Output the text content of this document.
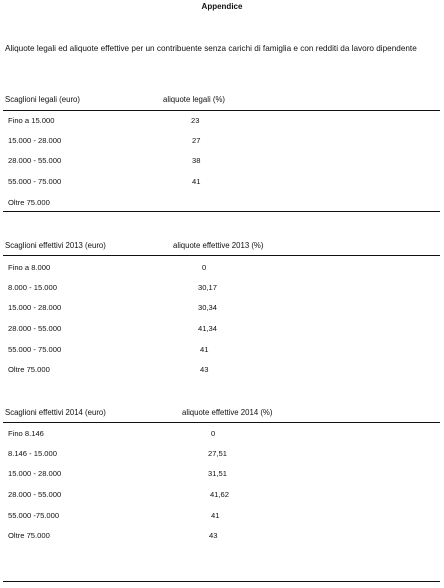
Appendice
Aliquote legali ed aliquote effettive per un contribuente senza carichi di famiglia e con redditi da lavoro dipendente
Scaglioni legali (euro)	aliquote legali (%)
Fino a 15.000	23
15.000 - 28.000	27
28.000 - 55.000	38
55.000 - 75.000	41
Oltre 75.000
Scaglioni effettivi 2013 (euro)	aliquote effettive 2013 (%)
Fino a 8.000	0
8.000 - 15.000	30,17
15.000 - 28.000	30,34
28.000 - 55.000	41,34
55.000 - 75.000	41
Oltre 75.000	43
Scaglioni effettivi 2014 (euro)	aliquote effettive 2014 (%)
Fino 8.146	0
8.146 - 15.000	27,51
15.000 - 28.000	31,51
28.000 - 55.000	41,62
55.000 -75.000	41
Oltre 75.000	43
